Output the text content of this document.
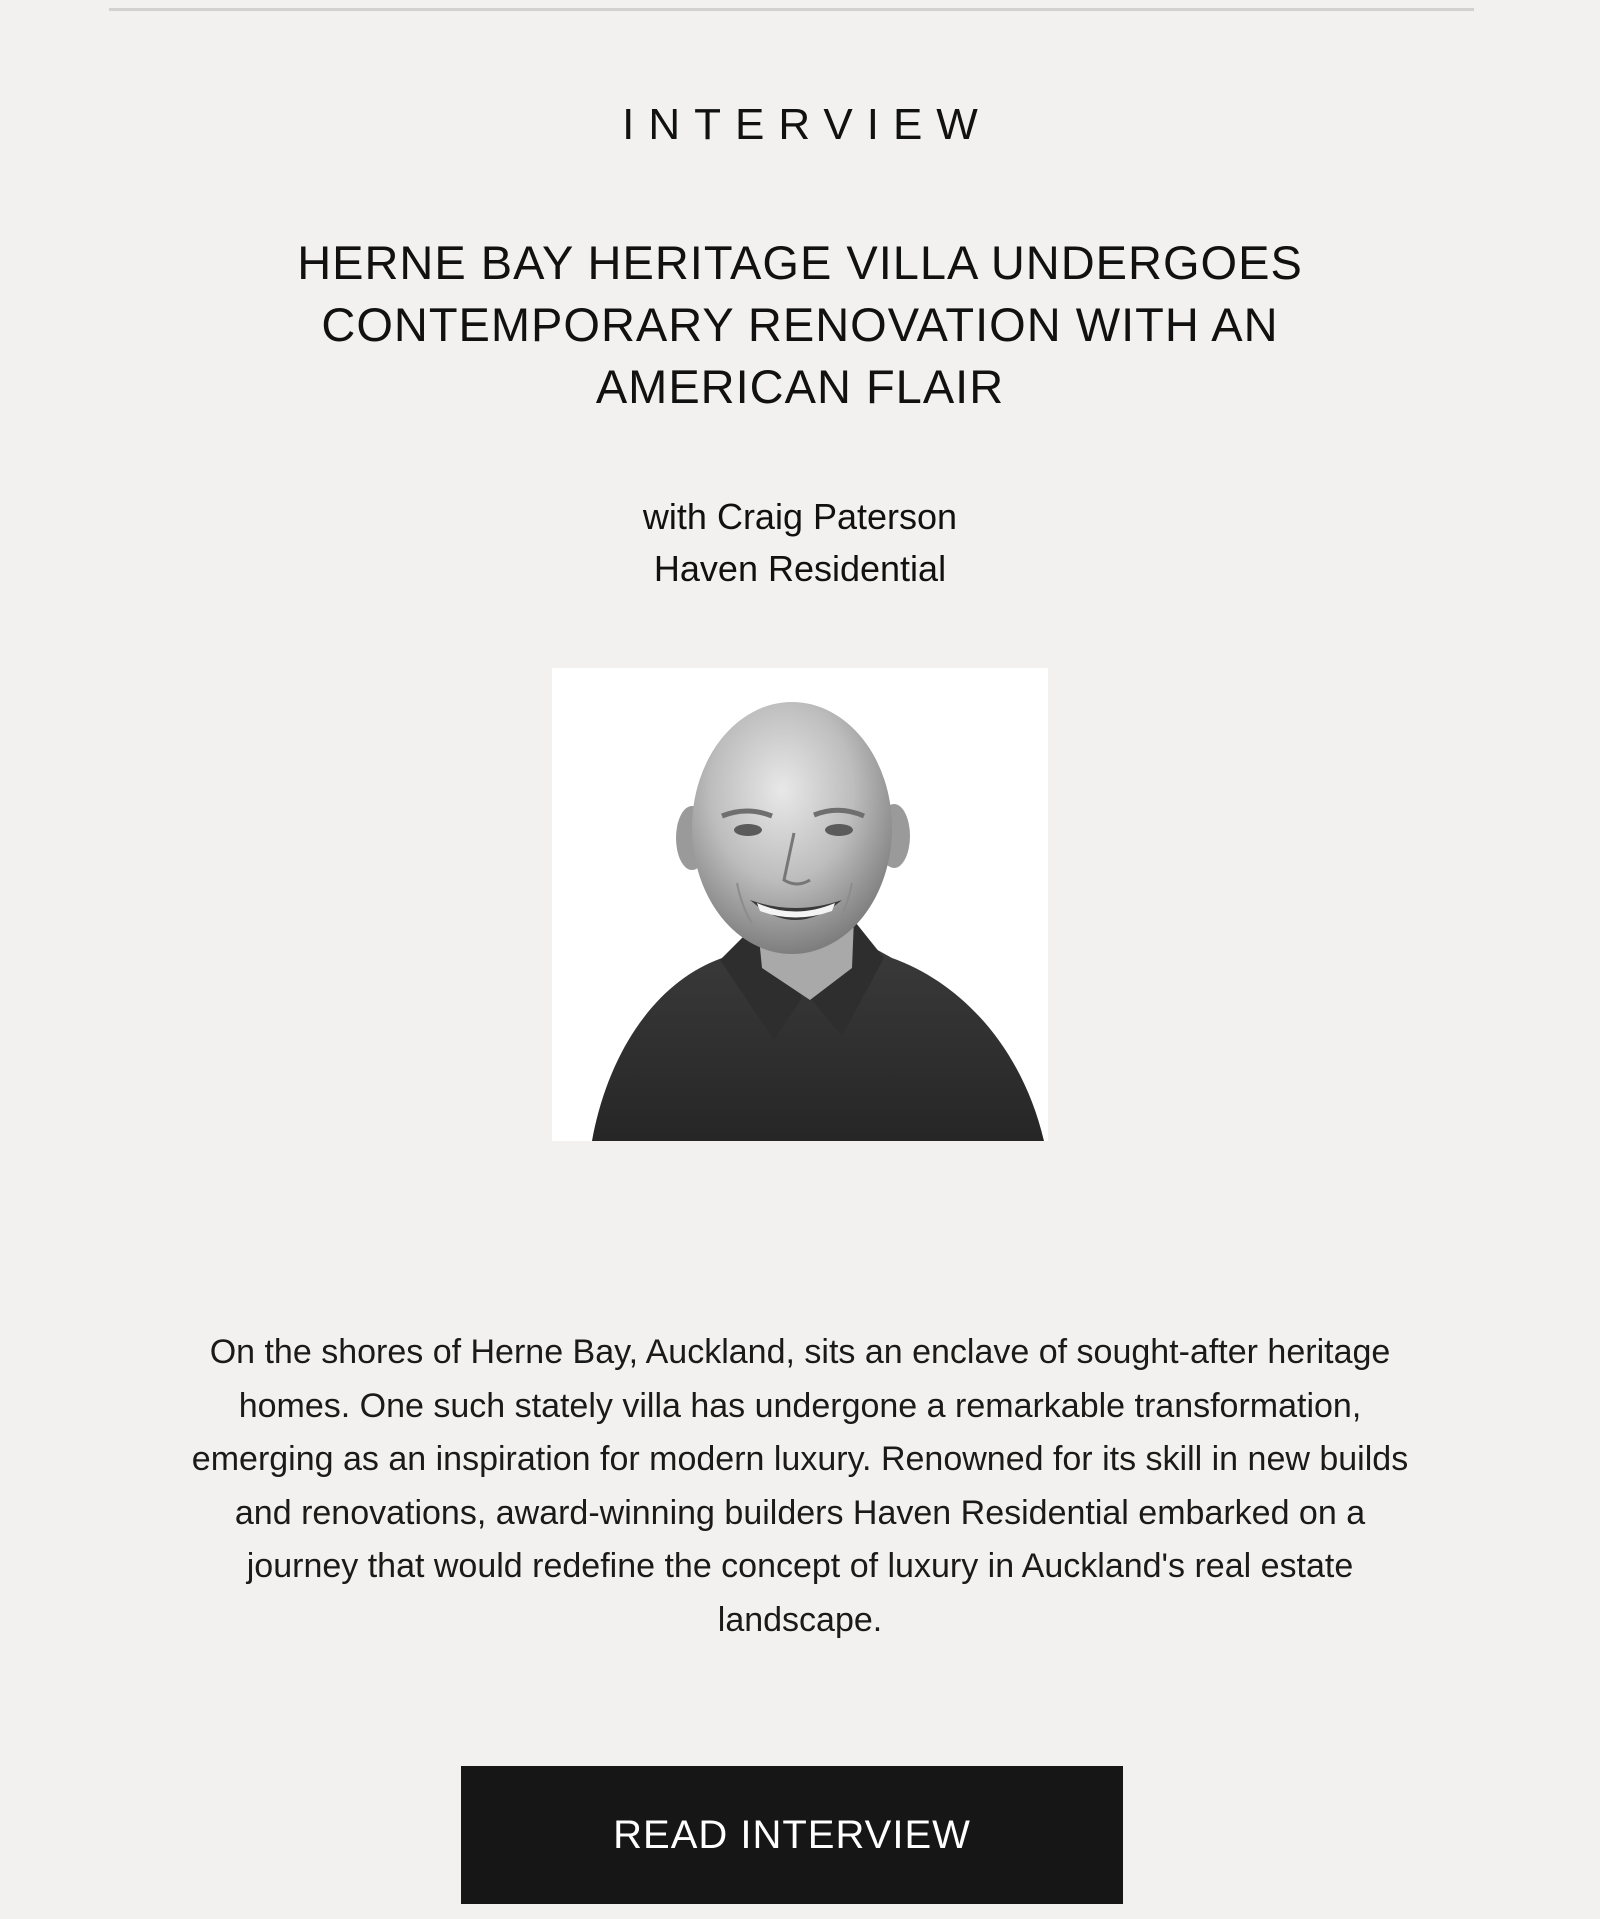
INTERVIEW
HERNE BAY HERITAGE VILLA UNDERGOES CONTEMPORARY RENOVATION WITH AN AMERICAN FLAIR
with Craig Paterson
Haven Residential

On the shores of Herne Bay, Auckland, sits an enclave of sought-after heritage homes. One such stately villa has undergone a remarkable transformation, emerging as an inspiration for modern luxury. Renowned for its skill in new builds and renovations, award-winning builders Haven Residential embarked on a journey that would redefine the concept of luxury in Auckland's real estate landscape.

READ INTERVIEW
